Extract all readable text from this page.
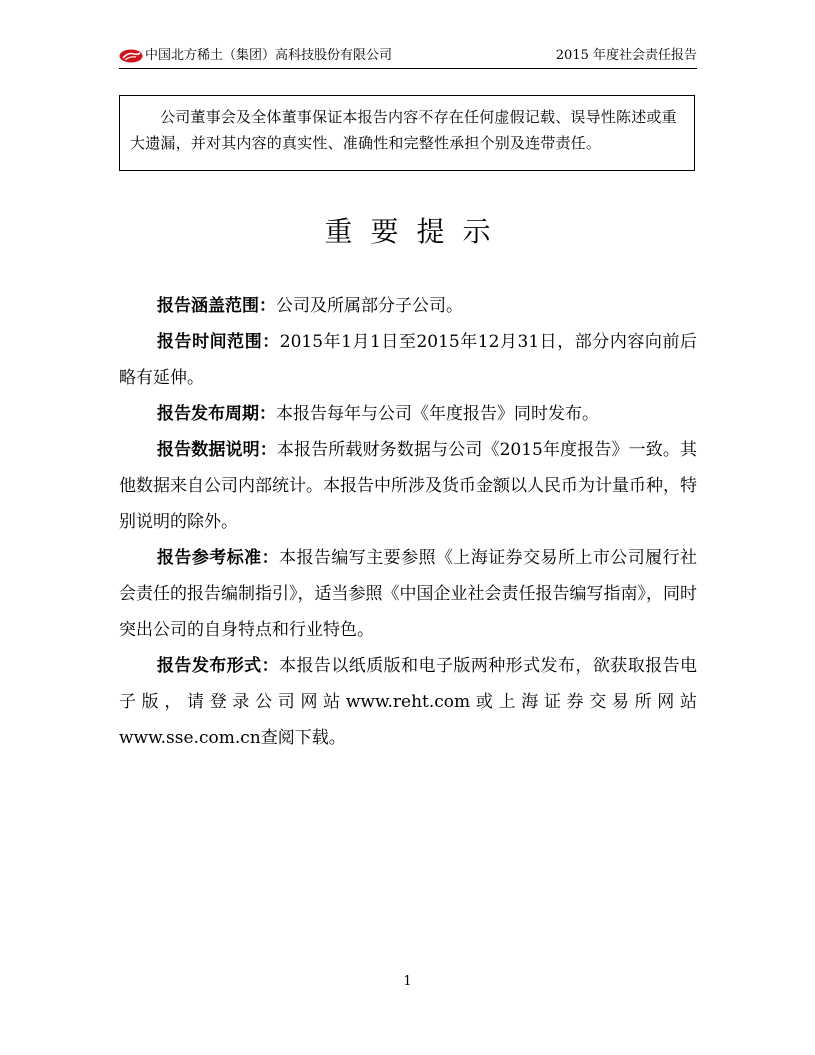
中国北方稀土（集团）高科技股份有限公司	2015 年度社会责任报告
公司董事会及全体董事保证本报告内容不存在任何虚假记载、误导性陈述或重大遗漏，并对其内容的真实性、准确性和完整性承担个别及连带责任。
重要提示

报告涵盖范围：公司及所属部分子公司。

报告时间范围：2015年1月1日至2015年12月31日，部分内容向前后略有延伸。

报告发布周期：本报告每年与公司《年度报告》同时发布。

报告数据说明：本报告所载财务数据与公司《2015年度报告》一致。其他数据来自公司内部统计。本报告中所涉及货币金额以人民币为计量币种，特别说明的除外。

报告参考标准：本报告编写主要参照《上海证券交易所上市公司履行社会责任的报告编制指引》，适当参照《中国企业社会责任报告编写指南》，同时突出公司的自身特点和行业特色。

报告发布形式：本报告以纸质版和电子版两种形式发布，欲获取报告电子版，请登录公司网站www.reht.com或上海证券交易所网站www.sse.com.cn查阅下载。

1
